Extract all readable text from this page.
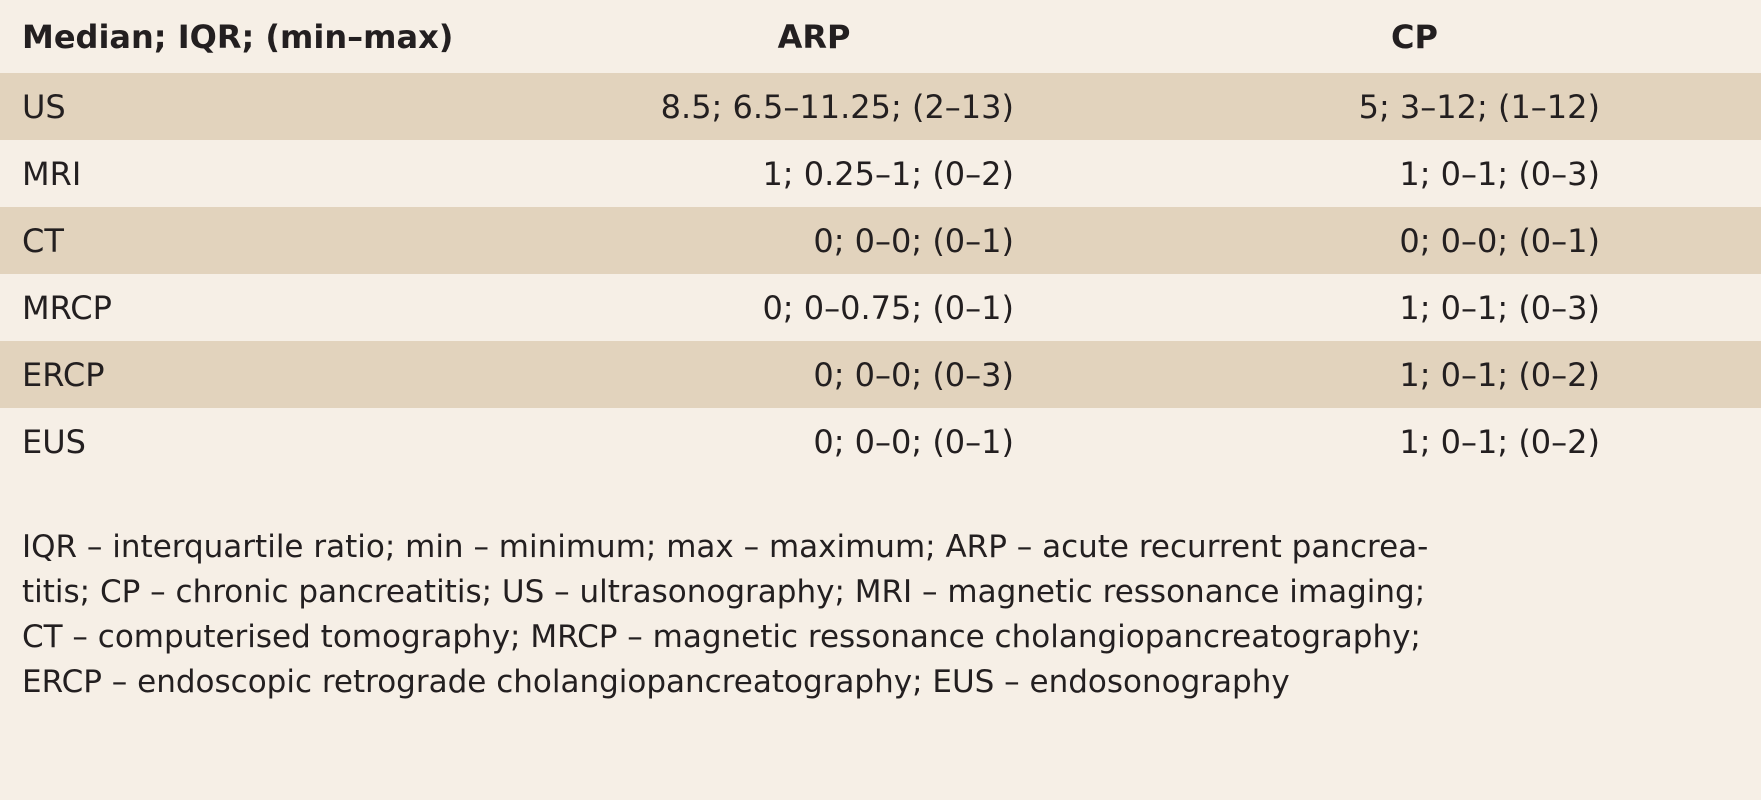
Median; IQR; (min–max)	ARP	CP
US	8.5; 6.5–11.25; (2–13)	5; 3–12; (1–12)
MRI	1; 0.25–1; (0–2)	1; 0–1; (0–3)
CT	0; 0–0; (0–1)	0; 0–0; (0–1)
MRCP	0; 0–0.75; (0–1)	1; 0–1; (0–3)
ERCP	0; 0–0; (0–3)	1; 0–1; (0–2)
EUS	0; 0–0; (0–1)	1; 0–1; (0–2)
IQR – interquartile ratio; min – minimum; max – maximum; ARP – acute recurrent pancrea-
titis; CP – chronic pancreatitis; US – ultrasonography; MRI – magnetic ressonance imaging;
CT – computerised tomography; MRCP – magnetic ressonance cholangiopancreatography;
ERCP – endoscopic retrograde cholangiopancreatography; EUS – endosonography
